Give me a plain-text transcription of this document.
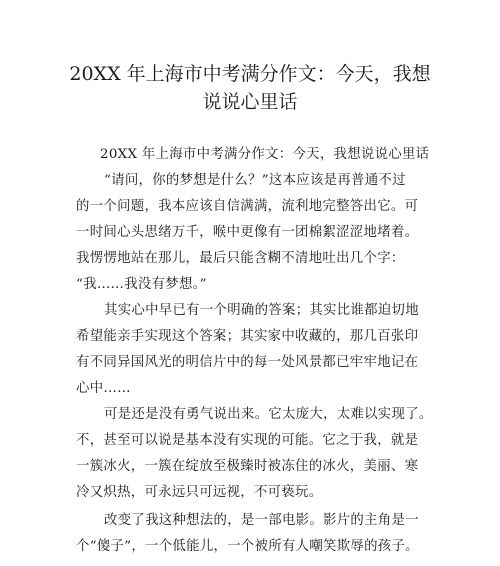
20XX 年上海市中考满分作文：今天，我想
说说心里话
20XX 年上海市中考满分作文：今天，我想说说心里话
“请问，你的梦想是什么？”这本应该是再普通不过
的一个问题，我本应该自信满满，流利地完整答出它。可
一时间心头思绪万千，喉中更像有一团棉絮涩涩地堵着。
我愣愣地站在那儿，最后只能含糊不清地吐出几个字：
“我……我没有梦想。”
其实心中早已有一个明确的答案；其实比谁都迫切地
希望能亲手实现这个答案；其实家中收藏的，那几百张印
有不同异国风光的明信片中的每一处风景都已牢牢地记在
心中……
可是还是没有勇气说出来。它太庞大，太难以实现了。
不，甚至可以说是基本没有实现的可能。它之于我，就是
一簇冰火，一簇在绽放至极臻时被冻住的冰火，美丽、寒
冷又炽热，可永远只可远视，不可亵玩。
改变了我这种想法的，是一部电影。影片的主角是一
个“傻子”，一个低能儿，一个被所有人嘲笑欺辱的孩子。
